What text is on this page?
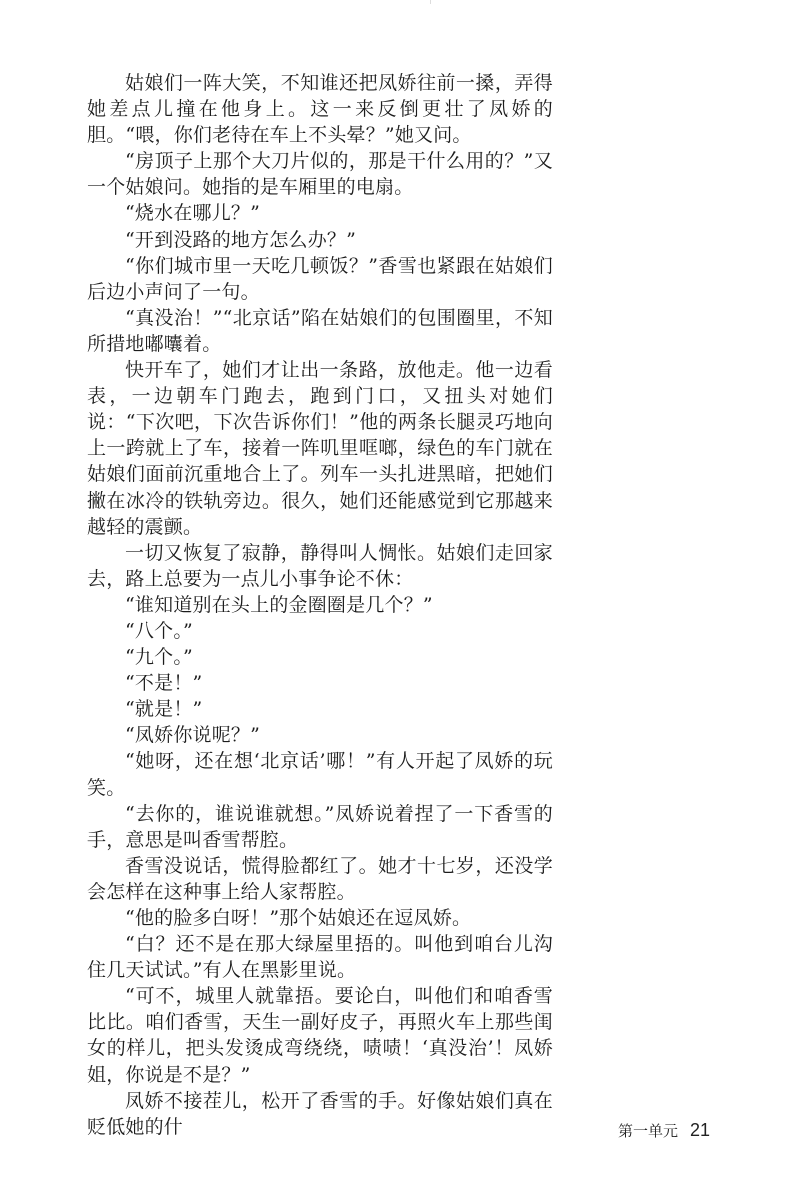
姑娘们一阵大笑，不知谁还把凤娇往前一搡，弄得她差点儿撞在他身上。这一来反倒更壮了凤娇的胆。“喂，你们老待在车上不头晕？”她又问。

“房顶子上那个大刀片似的，那是干什么用的？”又一个姑娘问。她指的是车厢里的电扇。

“烧水在哪儿？”

“开到没路的地方怎么办？”

“你们城市里一天吃几顿饭？”香雪也紧跟在姑娘们后边小声问了一句。

“真没治！”“北京话”陷在姑娘们的包围圈里，不知所措地嘟囔着。

快开车了，她们才让出一条路，放他走。他一边看表，一边朝车门跑去，跑到门口，又扭头对她们说：“下次吧，下次告诉你们！”他的两条长腿灵巧地向上一跨就上了车，接着一阵叽里哐啷，绿色的车门就在姑娘们面前沉重地合上了。列车一头扎进黑暗，把她们撇在冰冷的铁轨旁边。很久，她们还能感觉到它那越来越轻的震颤。

一切又恢复了寂静，静得叫人惆怅。姑娘们走回家去，路上总要为一点儿小事争论不休：

“谁知道别在头上的金圈圈是几个？”

“八个。”

“九个。”

“不是！”

“就是！”

“凤娇你说呢？”

“她呀，还在想‘北京话’哪！”有人开起了凤娇的玩笑。

“去你的，谁说谁就想。”凤娇说着捏了一下香雪的手，意思是叫香雪帮腔。

香雪没说话，慌得脸都红了。她才十七岁，还没学会怎样在这种事上给人家帮腔。

“他的脸多白呀！”那个姑娘还在逗凤娇。

“白？还不是在那大绿屋里捂的。叫他到咱台儿沟住几天试试。”有人在黑影里说。

“可不，城里人就靠捂。要论白，叫他们和咱香雪比比。咱们香雪，天生一副好皮子，再照火车上那些闺女的样儿，把头发烫成弯绕绕，啧啧！‘真没治’！凤娇姐，你说是不是？”

凤娇不接茬儿，松开了香雪的手。好像姑娘们真在贬低她的什	第一单元 21
